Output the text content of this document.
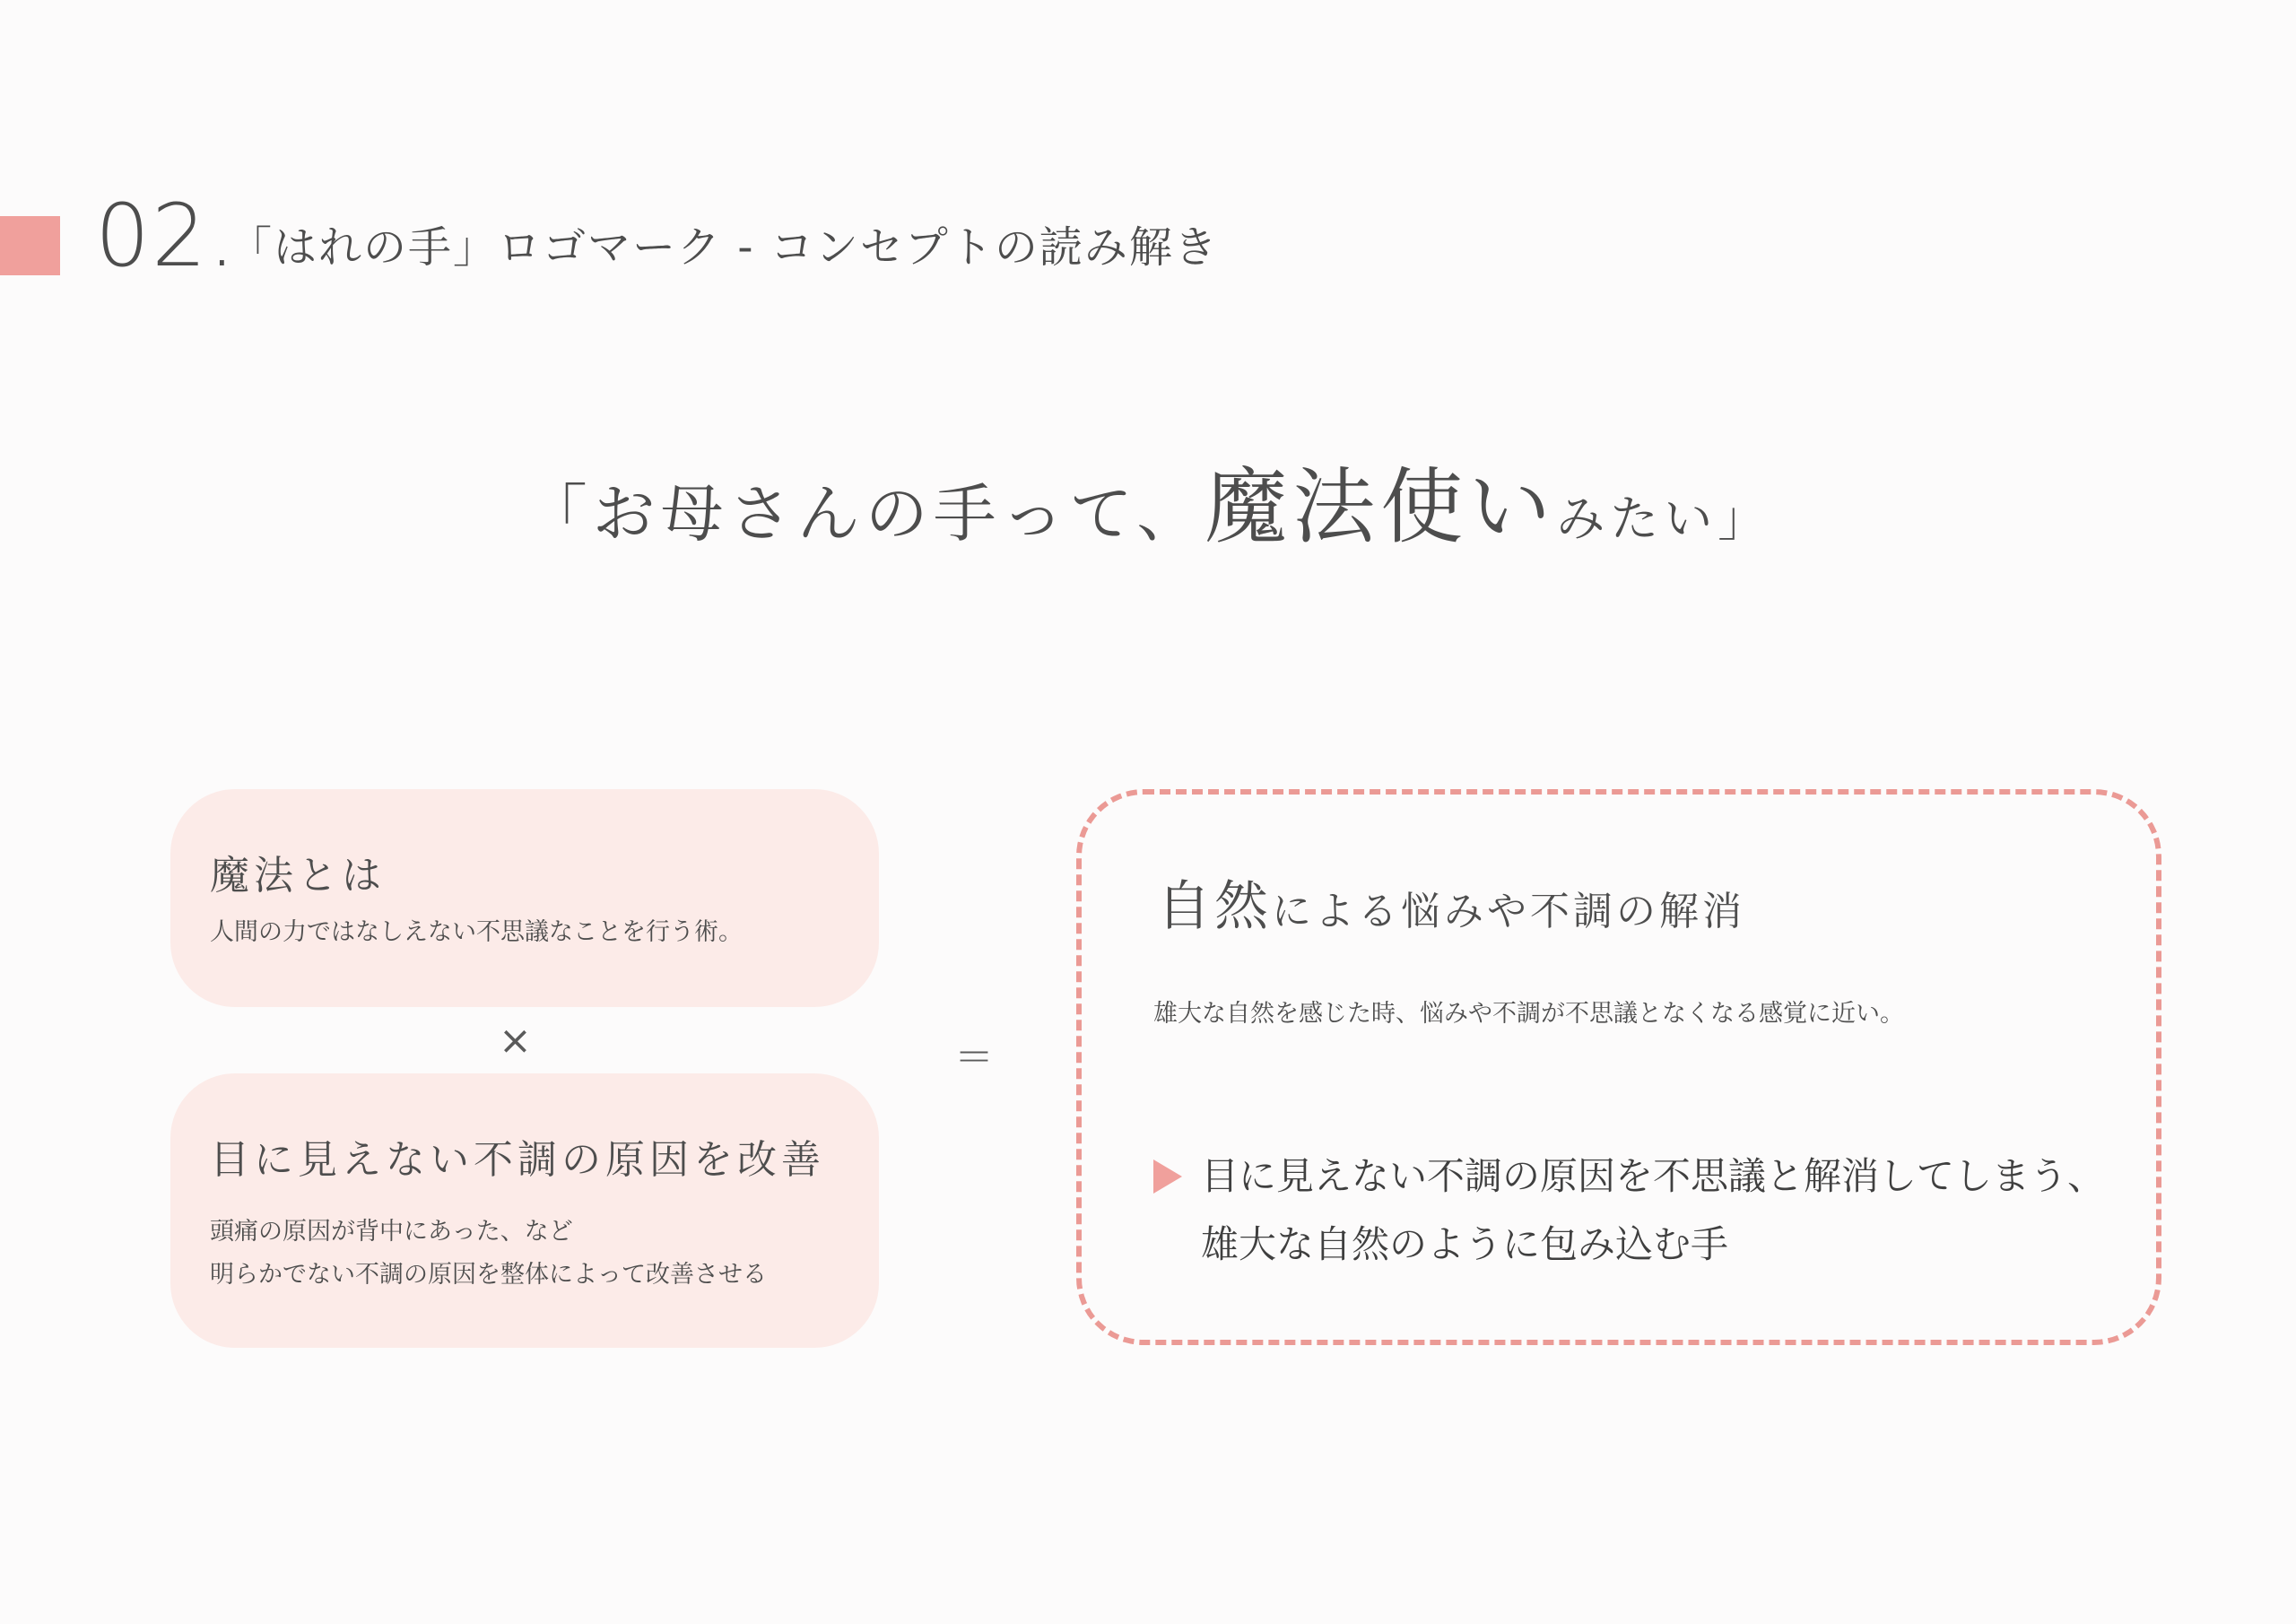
02.
「はれの手」ロゴマーク - コンセプトの読み解き
「お母さんの手って、魔法使いみたい」
魔法とは
人間の力ではなしえない不思議なことを行う術。
×
目に見えない不調の原因を改善
頭痛の原因が背中にあった、など
明らかでない不調の原因を整体によって改善させる
＝
自然による悩みや不調の解消
雄大な自然を感じた時、悩みや不調が不思議となくなる感覚に近い。
目に見えない不調の原因を不思議と解消してしまう、
雄大な自然のように包み込む手
